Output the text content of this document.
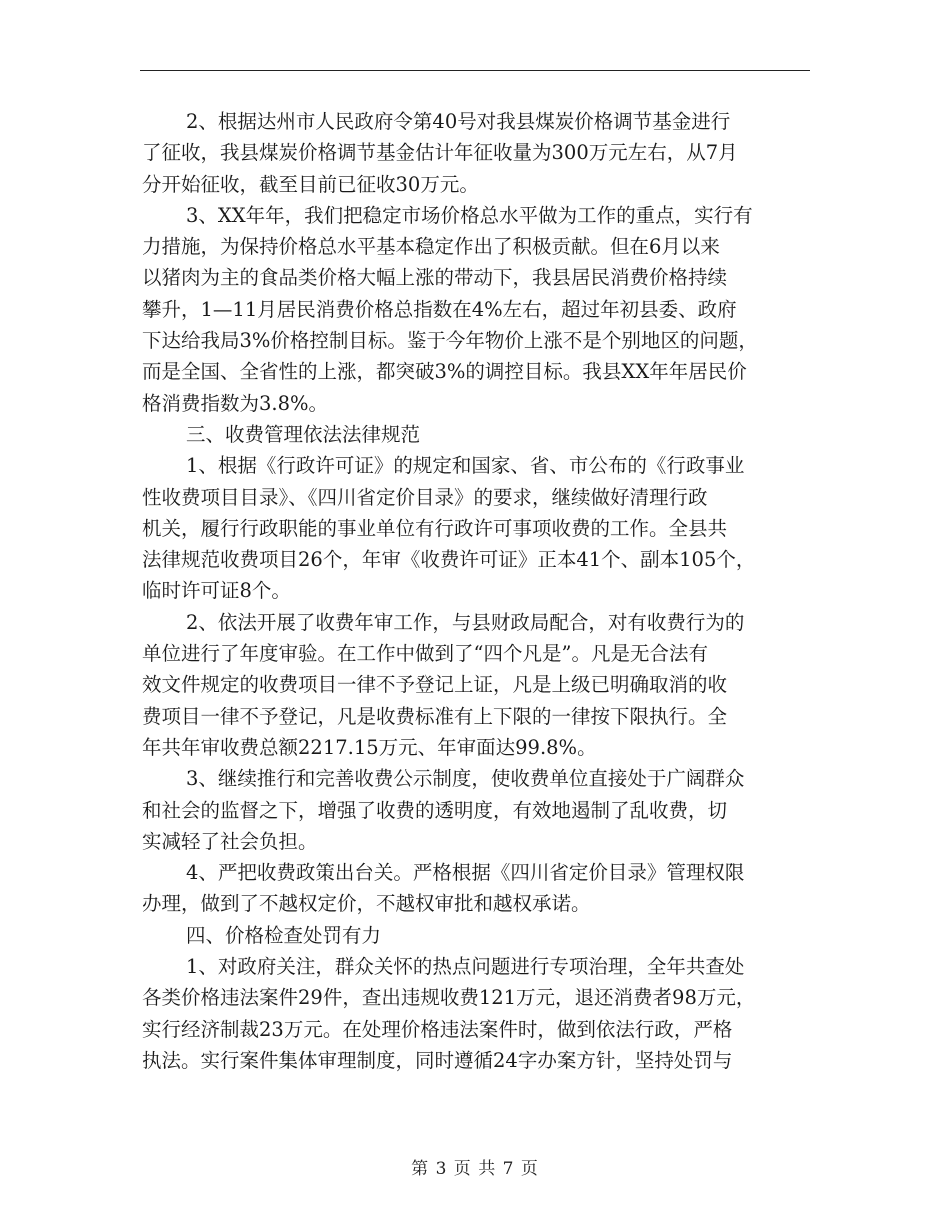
2、根据达州市人民政府令第40号对我县煤炭价格调节基金进行
了征收，我县煤炭价格调节基金估计年征收量为300万元左右，从7月
分开始征收，截至目前已征收30万元。
3、XX年年，我们把稳定市场价格总水平做为工作的重点，实行有
力措施，为保持价格总水平基本稳定作出了积极贡献。但在6月以来
以猪肉为主的食品类价格大幅上涨的带动下，我县居民消费价格持续
攀升，1—11月居民消费价格总指数在4%左右，超过年初县委、政府
下达给我局3%价格控制目标。鉴于今年物价上涨不是个别地区的问题，
而是全国、全省性的上涨，都突破3%的调控目标。我县XX年年居民价
格消费指数为3.8%。
三、收费管理依法法律规范
1、根据《行政许可证》的规定和国家、省、市公布的《行政事业
性收费项目目录》、《四川省定价目录》的要求，继续做好清理行政
机关，履行行政职能的事业单位有行政许可事项收费的工作。全县共
法律规范收费项目26个，年审《收费许可证》正本41个、副本105个，
临时许可证8个。
2、依法开展了收费年审工作，与县财政局配合，对有收费行为的
单位进行了年度审验。在工作中做到了“四个凡是”。凡是无合法有
效文件规定的收费项目一律不予登记上证，凡是上级已明确取消的收
费项目一律不予登记，凡是收费标准有上下限的一律按下限执行。全
年共年审收费总额2217.15万元、年审面达99.8%。
3、继续推行和完善收费公示制度，使收费单位直接处于广阔群众
和社会的监督之下，增强了收费的透明度，有效地遏制了乱收费，切
实减轻了社会负担。
4、严把收费政策出台关。严格根据《四川省定价目录》管理权限
办理，做到了不越权定价，不越权审批和越权承诺。
四、价格检查处罚有力
1、对政府关注，群众关怀的热点问题进行专项治理，全年共查处
各类价格违法案件29件，查出违规收费121万元，退还消费者98万元，
实行经济制裁23万元。在处理价格违法案件时，做到依法行政，严格
执法。实行案件集体审理制度，同时遵循24字办案方针，坚持处罚与
第 3 页 共 7 页
